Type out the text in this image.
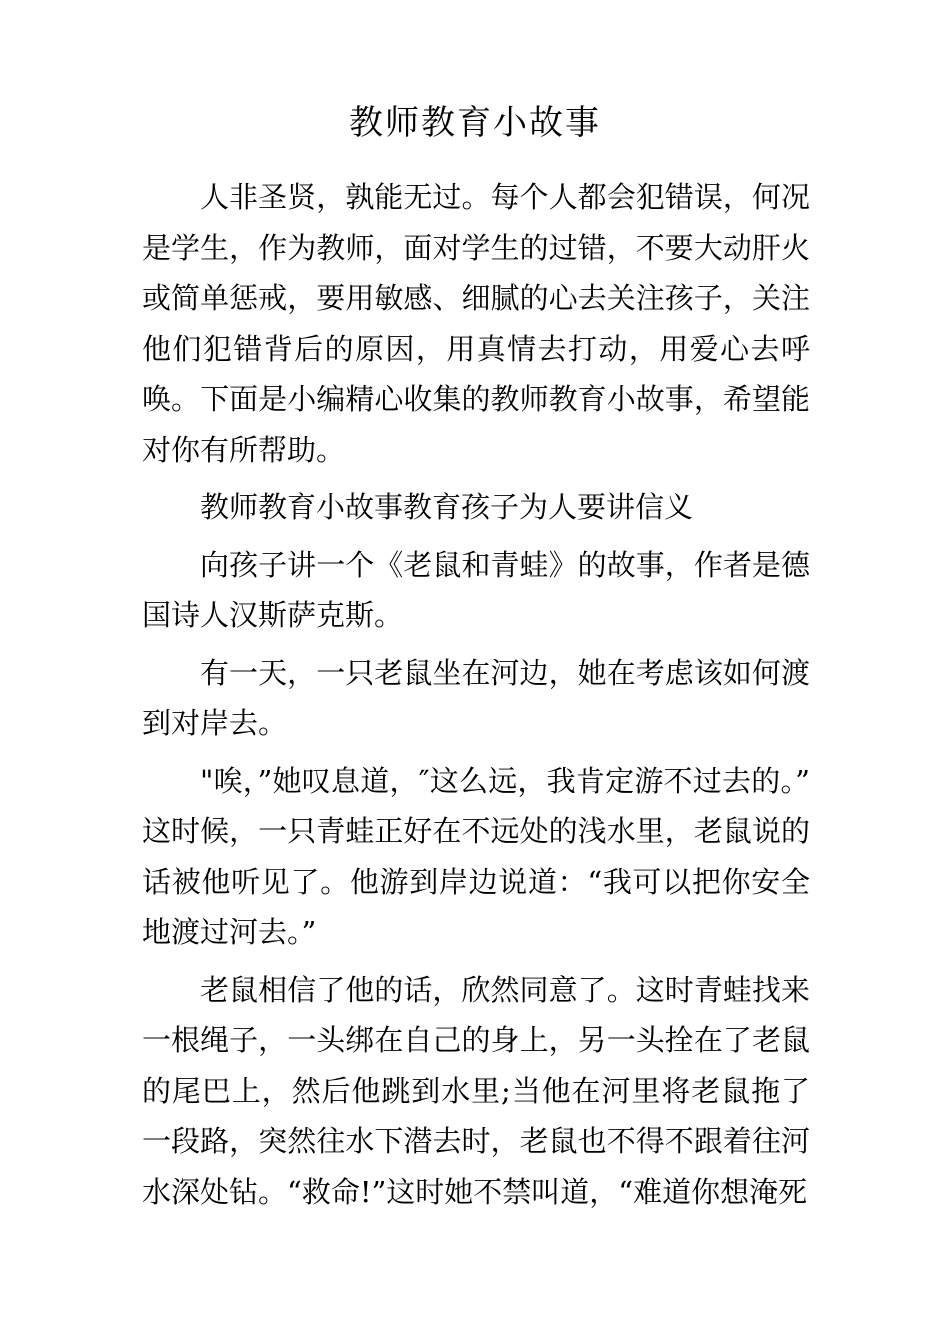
教师教育小故事

人非圣贤，孰能无过。每个人都会犯错误，何况是学生，作为教师，面对学生的过错，不要大动肝火或简单惩戒，要用敏感、细腻的心去关注孩子，关注他们犯错背后的原因，用真情去打动，用爱心去呼唤。下面是小编精心收集的教师教育小故事，希望能对你有所帮助。

教师教育小故事教育孩子为人要讲信义

向孩子讲一个《老鼠和青蛙》的故事，作者是德国诗人汉斯萨克斯。

有一天，一只老鼠坐在河边，她在考虑该如何渡到对岸去。

"唉，”她叹息道，″这么远，我肯定游不过去的。” 这时候，一只青蛙正好在不远处的浅水里，老鼠说的话被他听见了。他游到岸边说道：“我可以把你安全地渡过河去。”

老鼠相信了他的话，欣然同意了。这时青蛙找来一根绳子，一头绑在自己的身上，另一头拴在了老鼠的尾巴上，然后他跳到水里;当他在河里将老鼠拖了一段路，突然往水下潜去时，老鼠也不得不跟着往河水深处钻。“救命!”这时她不禁叫道，“难道你想淹死
